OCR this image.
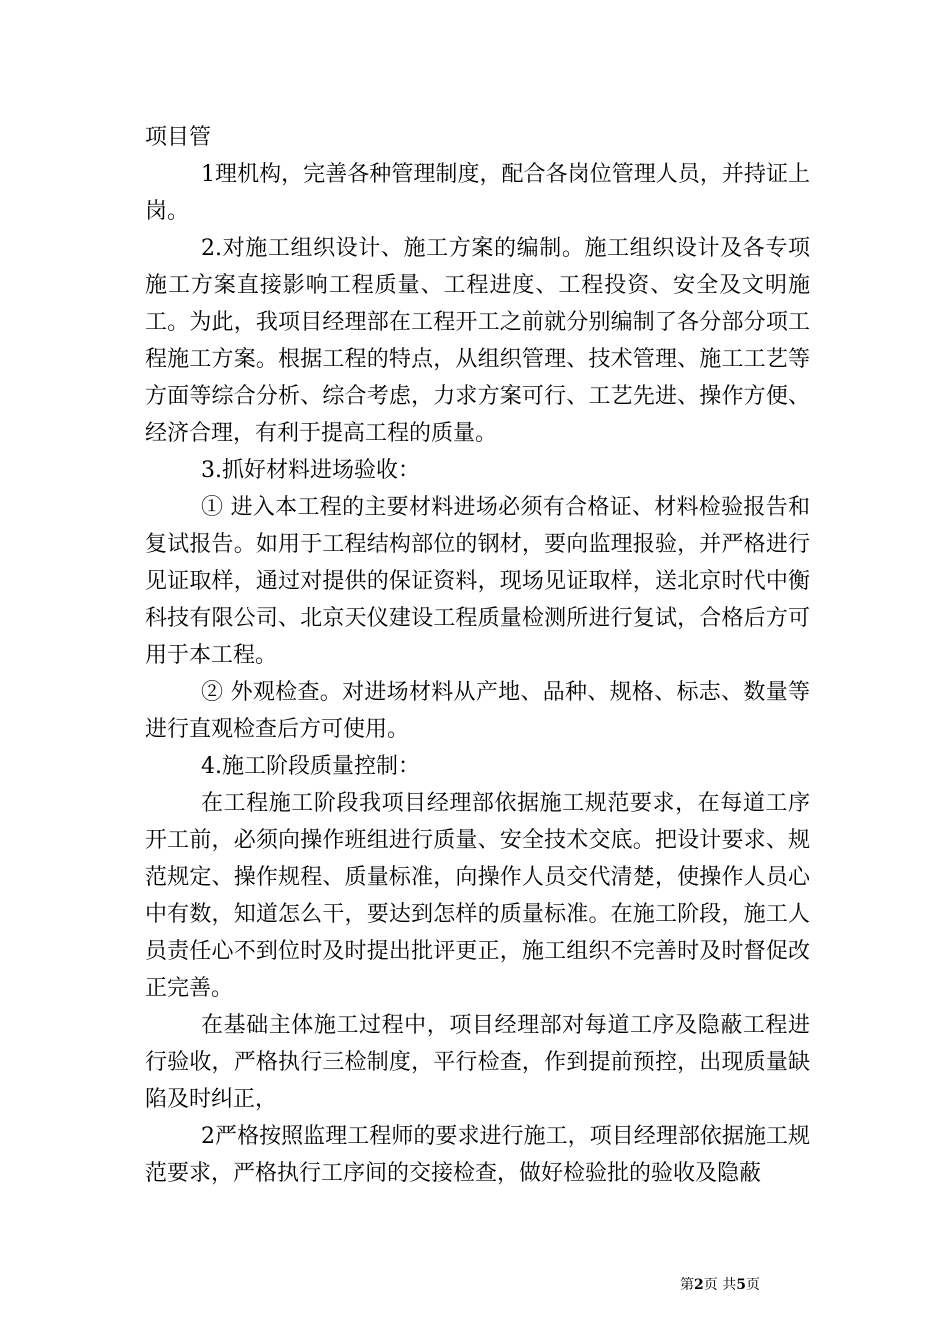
项目管

1理机构，完善各种管理制度，配合各岗位管理人员，并持证上岗。

2.对施工组织设计、施工方案的编制。施工组织设计及各专项施工方案直接影响工程质量、工程进度、工程投资、安全及文明施工。为此，我项目经理部在工程开工之前就分别编制了各分部分项工程施工方案。根据工程的特点，从组织管理、技术管理、施工工艺等方面等综合分析、综合考虑，力求方案可行、工艺先进、操作方便、经济合理，有利于提高工程的质量。

3.抓好材料进场验收：

① 进入本工程的主要材料进场必须有合格证、材料检验报告和复试报告。如用于工程结构部位的钢材，要向监理报验，并严格进行见证取样，通过对提供的保证资料，现场见证取样，送北京时代中衡科技有限公司、北京天仪建设工程质量检测所进行复试，合格后方可用于本工程。

② 外观检查。对进场材料从产地、品种、规格、标志、数量等进行直观检查后方可使用。

4.施工阶段质量控制：

在工程施工阶段我项目经理部依据施工规范要求，在每道工序开工前，必须向操作班组进行质量、安全技术交底。把设计要求、规范规定、操作规程、质量标准，向操作人员交代清楚，使操作人员心中有数，知道怎么干，要达到怎样的质量标准。在施工阶段，施工人员责任心不到位时及时提出批评更正，施工组织不完善时及时督促改正完善。

在基础主体施工过程中，项目经理部对每道工序及隐蔽工程进行验收，严格执行三检制度，平行检查，作到提前预控，出现质量缺陷及时纠正，

2严格按照监理工程师的要求进行施工，项目经理部依据施工规范要求，严格执行工序间的交接检查，做好检验批的验收及隐蔽

第2页 共5页
